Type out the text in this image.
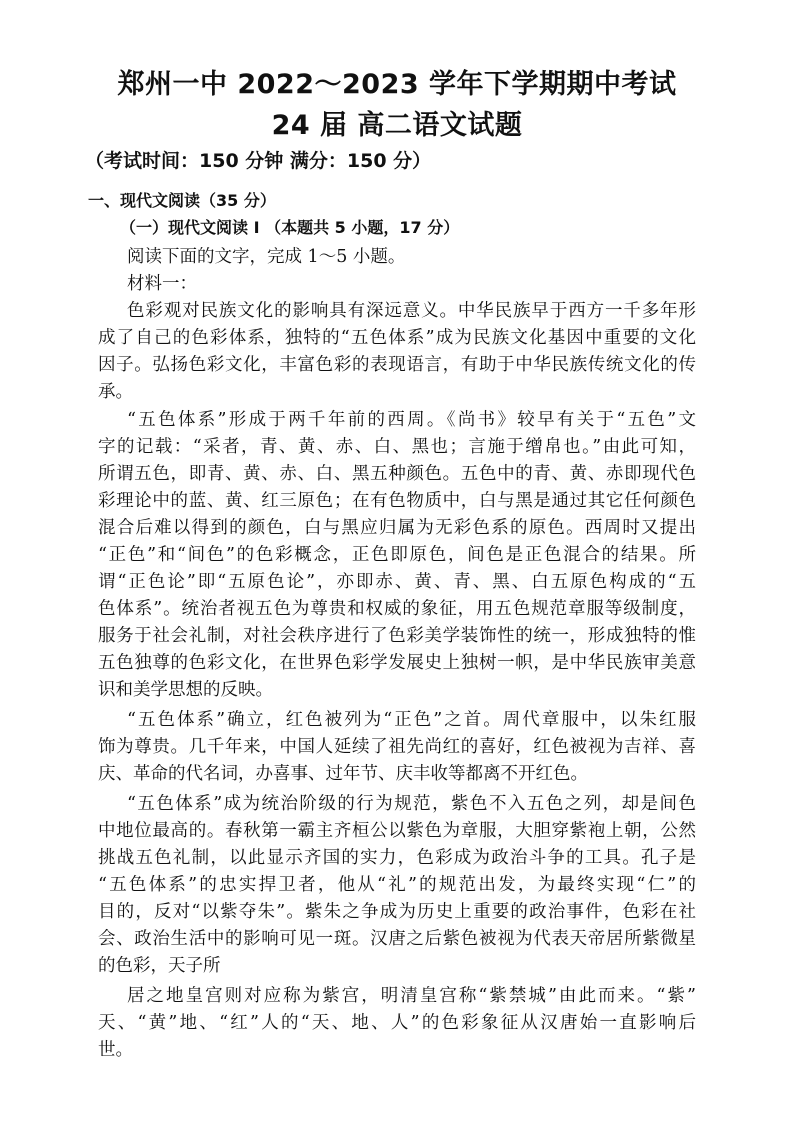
郑州一中 2022～2023 学年下学期期中考试
24 届 高二语文试题
（考试时间：150 分钟 满分：150 分）
一、现代文阅读（35 分）
（一）现代文阅读 I （本题共 5 小题，17 分）
阅读下面的文字，完成 1～5 小题。
材料一：
色彩观对民族文化的影响具有深远意义。中华民族早于西方一千多年形
成了自己的色彩体系，独特的“五色体系”成为民族文化基因中重要的文化
因子。弘扬色彩文化，丰富色彩的表现语言，有助于中华民族传统文化的传
承。
“五色体系”形成于两千年前的西周。《尚书》较早有关于“五色”文
字的记载：“采者，青、黄、赤、白、黑也；言施于缯帛也。”由此可知，
所谓五色，即青、黄、赤、白、黑五种颜色。五色中的青、黄、赤即现代色
彩理论中的蓝、黄、红三原色；在有色物质中，白与黑是通过其它任何颜色
混合后难以得到的颜色，白与黑应归属为无彩色系的原色。西周时又提出
“正色”和“间色”的色彩概念，正色即原色，间色是正色混合的结果。所
谓“正色论”即“五原色论”，亦即赤、黄、青、黑、白五原色构成的“五
色体系”。统治者视五色为尊贵和权威的象征，用五色规范章服等级制度，
服务于社会礼制，对社会秩序进行了色彩美学装饰性的统一，形成独特的惟
五色独尊的色彩文化，在世界色彩学发展史上独树一帜，是中华民族审美意
识和美学思想的反映。
“五色体系”确立，红色被列为“正色”之首。周代章服中，以朱红服
饰为尊贵。几千年来，中国人延续了祖先尚红的喜好，红色被视为吉祥、喜
庆、革命的代名词，办喜事、过年节、庆丰收等都离不开红色。
“五色体系”成为统治阶级的行为规范，紫色不入五色之列，却是间色
中地位最高的。春秋第一霸主齐桓公以紫色为章服，大胆穿紫袍上朝，公然
挑战五色礼制，以此显示齐国的实力，色彩成为政治斗争的工具。孔子是
“五色体系”的忠实捍卫者，他从“礼”的规范出发，为最终实现“仁”的
目的，反对“以紫夺朱”。紫朱之争成为历史上重要的政治事件，色彩在社
会、政治生活中的影响可见一斑。汉唐之后紫色被视为代表天帝居所紫微星
的色彩，天子所
居之地皇宫则对应称为紫宫，明清皇宫称“紫禁城”由此而来。“紫”
天、“黄”地、“红”人的“天、地、人”的色彩象征从汉唐始一直影响后
世。
